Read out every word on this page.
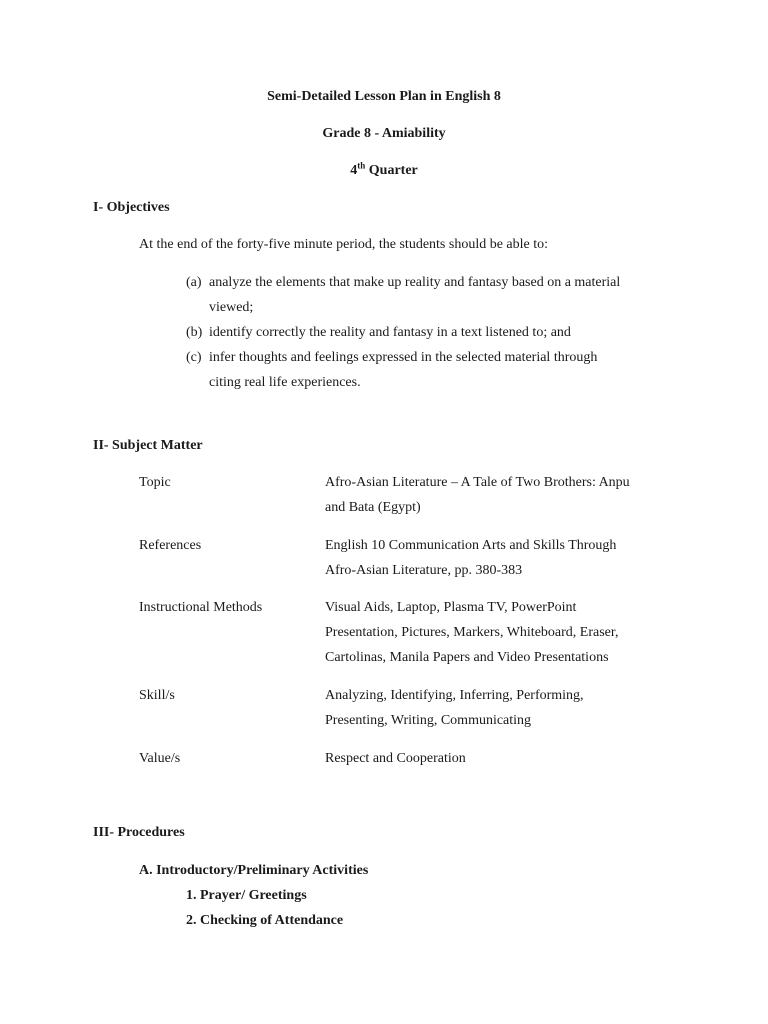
Semi-Detailed Lesson Plan in English 8
Grade 8 - Amiability
4th Quarter
I- Objectives
At the end of the forty-five minute period, the students should be able to:
(a) analyze the elements that make up reality and fantasy based on a material
viewed;
(b) identify correctly the reality and fantasy in a text listened to; and
(c) infer thoughts and feelings expressed in the selected material through
citing real life experiences.
II- Subject Matter
Topic	Afro-Asian Literature – A Tale of Two Brothers: Anpu
and Bata (Egypt)
References	English 10 Communication Arts and Skills Through
Afro-Asian Literature, pp. 380-383
Instructional Methods	Visual Aids, Laptop, Plasma TV, PowerPoint
Presentation, Pictures, Markers, Whiteboard, Eraser,
Cartolinas, Manila Papers and Video Presentations
Skill/s	Analyzing, Identifying, Inferring, Performing,
Presenting, Writing, Communicating
Value/s	Respect and Cooperation
III- Procedures
A. Introductory/Preliminary Activities
1. Prayer/ Greetings
2. Checking of Attendance
